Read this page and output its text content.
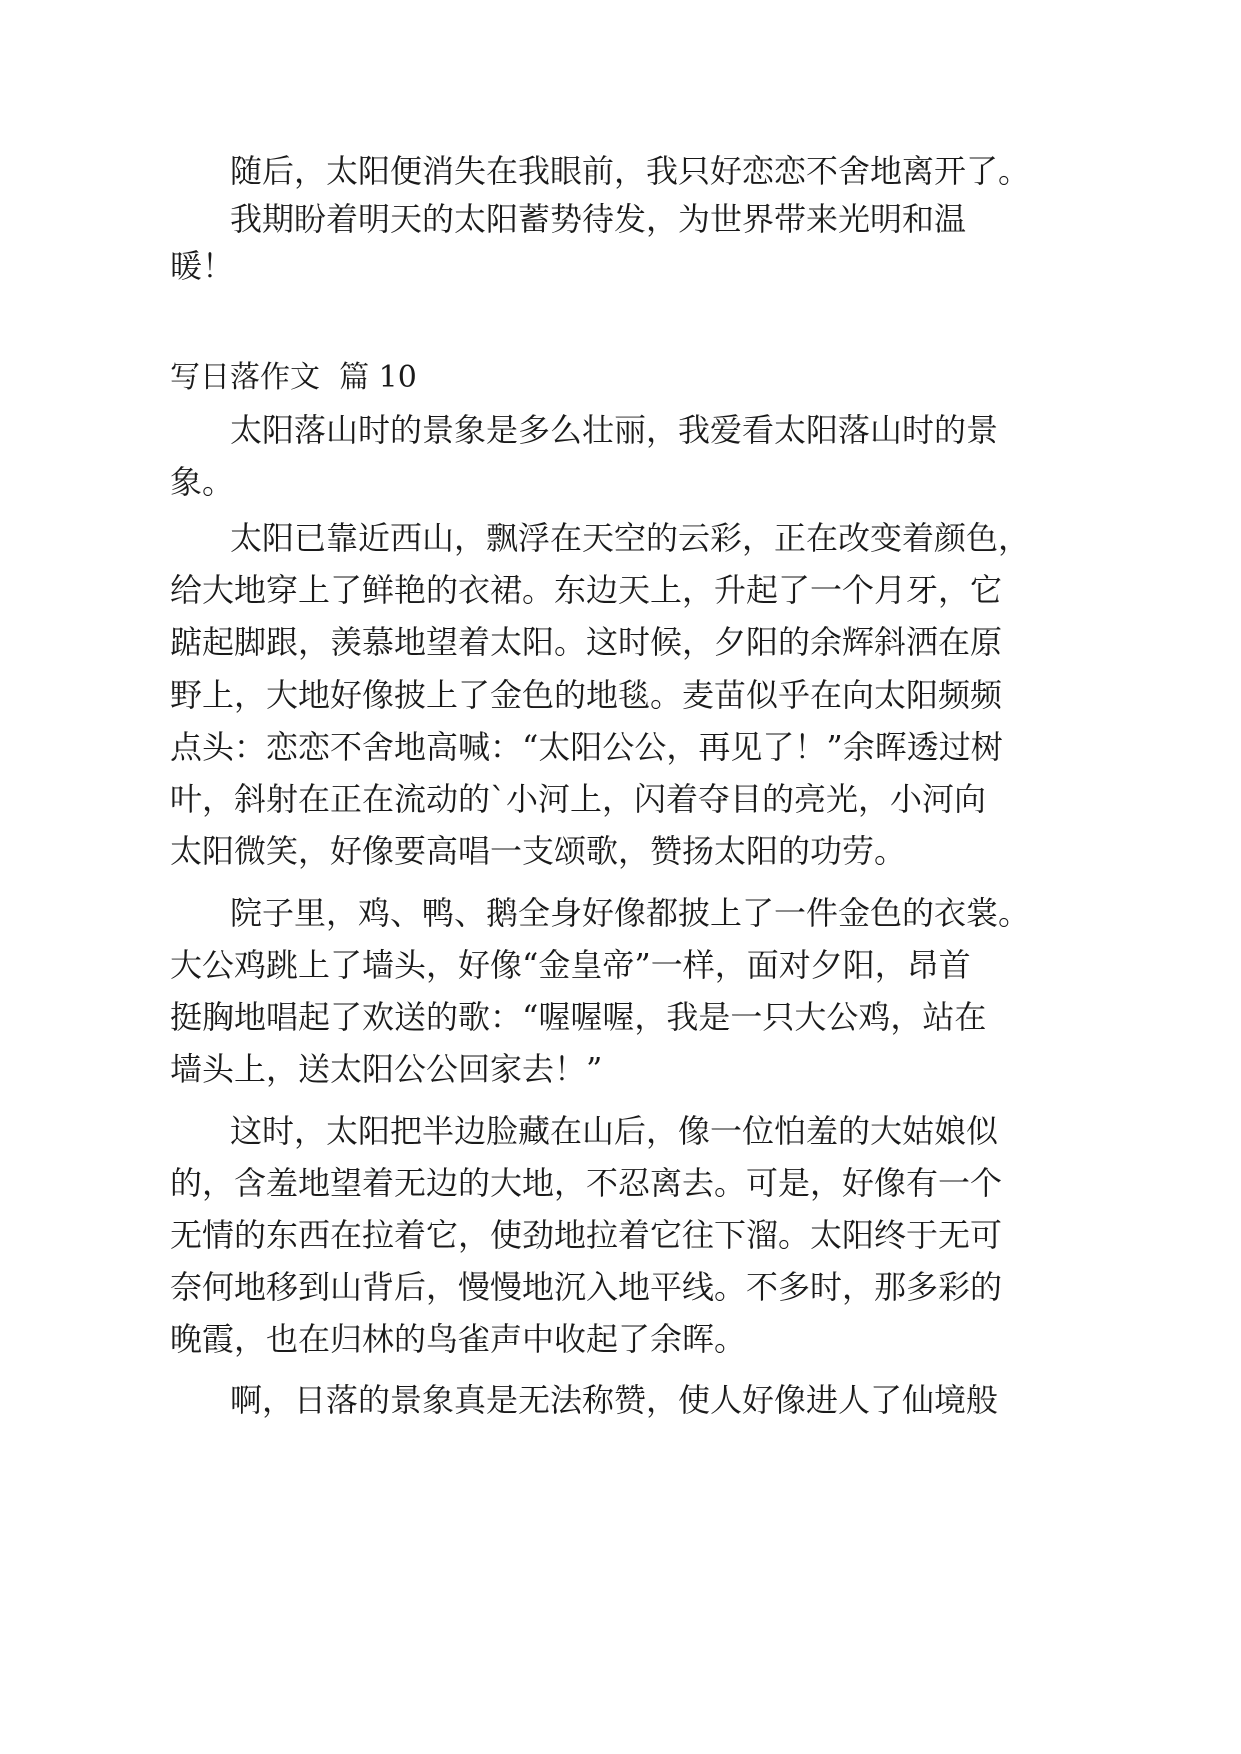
随后，太阳便消失在我眼前，我只好恋恋不舍地离开了。
我期盼着明天的太阳蓄势待发，为世界带来光明和温
暖！
写日落作文  篇 10
太阳落山时的景象是多么壮丽，我爱看太阳落山时的景
象。
太阳已靠近西山，飘浮在天空的云彩，正在改变着颜色，
给大地穿上了鲜艳的衣裙。东边天上，升起了一个月牙，它
踮起脚跟，羡慕地望着太阳。这时候，夕阳的余辉斜洒在原
野上，大地好像披上了金色的地毯。麦苗似乎在向太阳频频
点头：恋恋不舍地高喊：“太阳公公，再见了！”余晖透过树
叶，斜射在正在流动的`小河上，闪着夺目的亮光，小河向
太阳微笑，好像要高唱一支颂歌，赞扬太阳的功劳。
院子里，鸡、鸭、鹅全身好像都披上了一件金色的衣裳。
大公鸡跳上了墙头，好像“金皇帝”一样，面对夕阳，昂首
挺胸地唱起了欢送的歌：“喔喔喔，我是一只大公鸡，站在
墙头上，送太阳公公回家去！”
这时，太阳把半边脸藏在山后，像一位怕羞的大姑娘似
的，含羞地望着无边的大地，不忍离去。可是，好像有一个
无情的东西在拉着它，使劲地拉着它往下溜。太阳终于无可
奈何地移到山背后，慢慢地沉入地平线。不多时，那多彩的
晚霞，也在归林的鸟雀声中收起了余晖。
啊，日落的景象真是无法称赞，使人好像进人了仙境般
